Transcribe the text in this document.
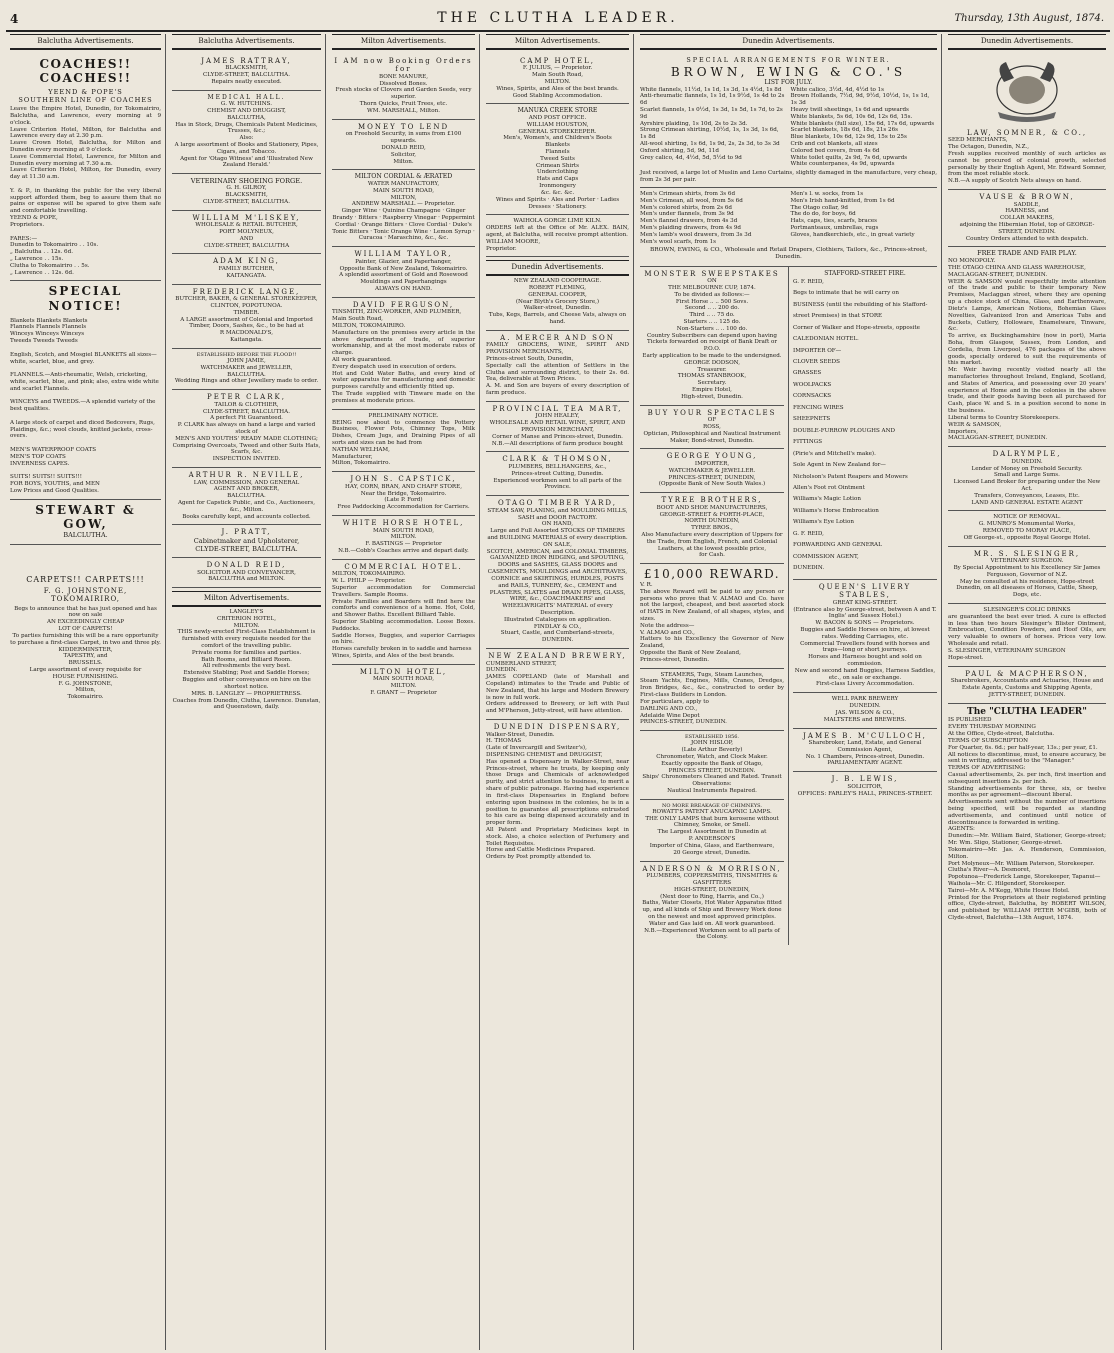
4	THE CLUTHA LEADER.	Thursday, 13th August, 1874.
Balclutha Advertisements.
COACHES!! COACHES!!
YEEND & POPE'S
SOUTHERN LINE OF COACHES
Leave the Empire Hotel, Dunedin, for Tokomairiro, Balclutha, and Lawrence, every morning at 9 o'clock.
Leave Criterion Hotel, Milton, for Balclutha and Lawrence every day at 2.30 p.m.
Leave Crown Hotel, Balclutha, for Milton and Dunedin every morning at 9 o'clock.
Leave Commercial Hotel, Lawrence, for Milton and Dunedin every morning at 7.30 a.m.
Leave Criterion Hotel, Milton, for Dunedin, every day at 11.30 a.m.

Y. & P., in thanking the public for the very liberal support afforded them, beg to assure them that no pains or expense will be spared to give them safe and comfortable travelling.
YEEND & POPE,
Proprietors.

FARES:—
Dunedin to Tokomairiro . . 10s.
„ Balclutha . . 12s. 6d.
„ Lawrence . . 15s.
Clutha to Tokomairiro . . 5s.
„ Lawrence . . 12s. 6d.
SPECIAL NOTICE!
Blankets Blankets Blankets
Flannels Flannels Flannels
Winceys Winceys Winceys
Tweeds Tweeds Tweeds

English, Scotch, and Mosgiel BLANKETS all sizes—white, scarlet, blue, and grey.

FLANNELS.—Anti-rheumatic, Welsh, cricketing, white, scarlet, blue, and pink; also, extra wide white and scarlet Flannels.

WINCEYS and TWEEDS.—A splendid variety of the best qualities.

A large stock of carpet and diced Bedcovers, Rugs, Plaidings, &c.; wool clouds, knitted jackets, cross-overs.

MEN'S WATERPROOF COATS
MEN'S TOP COATS
INVERNESS CAPES.

SUITS! SUITS!! SUITS!!!
FOR BOYS, YOUTHS, and MEN
Low Prices and Good Qualities.
STEWART & GOW,
BALCLUTHA.
CARPETS!! CARPETS!!!
F. G. JOHNSTONE,
TOKOMAIRIRO,
Begs to announce that he has just opened and has now on sale
AN EXCEEDINGLY CHEAP
LOT OF CARPETS!
To parties furnishing this will be a rare opportunity to purchase a first-class Carpet, in two and three ply.
KIDDERMINSTER,
TAPESTRY, and
BRUSSELS.
Large assortment of every requisite for
HOUSE FURNISHING.
F. G. JOHNSTONE,
Milton,
Tokomairiro.
Balclutha Advertisements.
JAMES RATTRAY,
BLACKSMITH,
CLYDE-STREET, BALCLUTHA.
Repairs neatly executed.
MEDICAL HALL.
G. W. HUTCHINS.
CHEMIST AND DRUGGIST,
BALCLUTHA,
Has in Stock, Drugs, Chemicals Patent Medicines, Trusses, &c.;
Also:
A large assortment of Books and Stationery, Pipes, Cigars, and Tobacco.
Agent for 'Otago Witness' and 'Illustrated New Zealand Herald.'
VETERINARY SHOEING FORGE.
G. H. GILROY,
BLACKSMITH,
CLYDE-STREET, BALCLUTHA.
WILLIAM M'LISKEY,
WHOLESALE & RETAIL BUTCHER,
PORT MOLYNEUX,
AND
CLYDE-STREET, BALCLUTHA
ADAM KING,
FAMILY BUTCHER,
KAITANGATA.
FREDERICK LANGE,
BUTCHER, BAKER, & GENERAL STOREKEEPER,
CLINTON, POPOTUNOA.
TIMBER.
A LARGE assortment of Colonial and Imported Timber, Doors, Sashes, &c., to be had at
R MACDONALD'S,
Kaitangata.
ESTABLISHED BEFORE THE FLOOD!!
JOHN JAMIE,
WATCHMAKER and JEWELLER,
BALCLUTHA.
Wedding Rings and other Jewellery made to order.
PETER CLARK,
TAILOR & CLOTHIER,
CLYDE-STREET, BALCLUTHA.
A perfect Fit Guaranteed.
P. CLARK has always on hand a large and varied stock of
MEN'S AND YOUTHS' READY MADE CLOTHING;
Comprising Overcoats, Tweed and other Suits Hats, Scarfs, &c.
INSPECTION INVITED.
ARTHUR R. NEVILLE,
LAW, COMMISSION, AND GENERAL
AGENT AND BROKER,
BALCLUTHA.
Agent for Capstick Public, and Co., Auctioneers, &c., Milton.
Books carefully kept, and accounts collected.
J. PRATT,
Cabinetmaker and Upholsterer,
CLYDE-STREET, BALCLUTHA.
DONALD REID,
SOLICITOR AND CONVEYANCER,
BALCLUTHA and MILTON.
Milton Advertisements.
LANGLEY'S
CRITERION HOTEL,
MILTON.
THIS newly-erected First-Class Establishment is furnished with every requisite needed for the comfort of the travelling public.
Private rooms for families and parties.
Bath Rooms, and Billiard Room.
All refreshments the very best.
Extensive Stabling; Post and Saddle Horses; Buggies and other conveyance on hire on the shortest notice.
MRS. B. LANGLEY — PROPRIETRESS.
Coaches from Dunedin, Clutha, Lawrence. Dunstan, and Queenstown, daily.
Milton Advertisements.
I AM now Booking Orders for
BONE MANURE,
Dissolved Bones.
Fresh stocks of Clovers and Garden Seeds, very superior.
Thorn Quicks, Fruit Trees, etc.
WM. MARSHALL, Milton.
MONEY TO LEND
on Freehold Security, in sums from £100 upwards.
DONALD REID,
Solicitor,
Milton.
MILTON CORDIAL & ÆRATED
WATER MANUFACTORY,
MAIN SOUTH ROAD,
MILTON,
ANDREW MARSHALL — Proprietor.
Ginger Wine · Quinine Champagne · Ginger Brandy · Bitters · Raspberry Vinegar · Peppermint Cordial · Orange Bitters · Clove Cordial · Duke's Tonic Bitters · Tonic Orange Wine · Lemon Syrup · Curacoa · Maraschino, &c., &c.
WILLIAM TAYLOR,
Painter, Glazier, and Paperhanger,
Opposite Bank of New Zealand, Tokomairiro.
A splendid assortment of Gold and Rosewood Mouldings and Paperhangings
ALWAYS ON HAND.
DAVID FERGUSON,
TINSMITH, ZINC-WORKER, AND PLUMBER,
Main South Road,
MILTON, TOKOMAIRIRO.
Manufacture on the premises every article in the above departments of trade, of superior workmanship, and at the most moderate rates of charge.
All work guaranteed.
Every despatch used in execution of orders.
Hot and Cold Water Baths, and every kind of water apparatus for manufacturing and domestic purposes carefully and efficiently fitted up.
The Trade supplied with Tinware made on the premises at moderate prices.
PRELIMINARY NOTICE.
BEING now about to commence the Pottery Business, Flower Pots, Chimney Tops, Milk Dishes, Cream Jugs, and Draining Pipes of all sorts and sizes can be had from
NATHAN WELHAM,
Manufacturer,
Milton, Tokomairiro.
JOHN S. CAPSTICK,
HAY, CORN, BRAN, AND CHAFF STORE,
Near the Bridge, Tokomairiro.
(Late P. Ford)
Free Paddocking Accommodation for Carriers.
WHITE HORSE HOTEL,
MAIN SOUTH ROAD,
MILTON.
F. BASTINGS — Proprietor
N.B.—Cobb's Coaches arrive and depart daily.
COMMERCIAL HOTEL.
MILTON, TOKOMAIRIRO.
W. L. PHILP — Proprietor.
Superior accommodation for Commercial Travellers. Sample Rooms.
Private Families and Boarders will find here the comforts and convenience of a home. Hot, Cold, and Shower Baths. Excellent Billiard Table.
Superior Stabling accommodation. Loose Boxes. Paddocks.
Saddle Horses, Buggies, and superior Carriages on hire.
Horses carefully broken in to saddle and harness
Wines, Spirits, and Ales of the best brands.
MILTON HOTEL,
MAIN SOUTH ROAD,
MILTON.
F. GRANT — Proprietor
Milton Advertisements.
CAMP HOTEL,
F. JULIUS, — Proprietor.
Main South Road,
MILTON.
Wines, Spirits, and Ales of the best brands.
Good Stabling Accommodation.
MANUKA CREEK STORE
AND POST OFFICE.
WILLIAM HOUSTON,
GENERAL STOREKEEPER.
Men's, Women's, and Children's Boots
Blankets
Flannels
Tweed Suits
Crimean Shirts
Underclothing
Hats and Caps
Ironmongery
&c. &c. &c.
Wines and Spirits · Ales and Porter · Ladies Dresses · Stationery.
WAIHOLA GORGE LIME KILN.
ORDERS left at the Office of Mr. ALEX. BAIN, agent, at Balclutha, will receive prompt attention.
WILLIAM MOORE,
Proprietor.
Dunedin Advertisements.
NEW ZEALAND COOPERAGE.
ROBERT FLEMING,
GENERAL COOPER,
(Near Blyth's Grocery Store,)
Walker-street, Dunedin.
Tubs, Kegs, Barrels, and Cheese Vats, always on hand.
A. MERCER AND SON
FAMILY GROCERS, WINE, SPIRIT AND PROVISION MERCHANTS,
Princes-street South, Dunedin,
Specially call the attention of Settlers in the Clutha and surrounding district, to their 2s. 6d. Tea, deliverable at Town Prices.
A. M. and Son are buyers of every description of farm produce.
PROVINCIAL TEA MART,
JOHN HEALEY,
WHOLESALE AND RETAIL WINE, SPIRIT, AND PROVISION MERCHANT,
Corner of Manse and Princes-street, Dunedin.
N.B.—All descriptions of farm produce bought
CLARK & THOMSON,
PLUMBERS, BELLHANGERS, &c.,
Princes-street Cutting, Dunedin.
Experienced workmen sent to all parts of the Province.
OTAGO TIMBER YARD,
STEAM SAW, PLANING, and MOULDING MILLS, SASH and DOOR FACTORY.
ON HAND,
Large and Full Assorted STOCKS OF TIMBERS and BUILDING MATERIALS of every description.
ON SALE,
SCOTCH, AMERICAN, and COLONIAL TIMBERS,
GALVANIZED IRON RIDGING, and SPOUTING, DOORS and SASHES, GLASS DOORS and CASEMENTS, MOULDINGS and ARCHITRAVES, CORNICE and SKIRTINGS, HURDLES, POSTS and RAILS, TURNERY, &c., CEMENT and PLASTERS, SLATES and DRAIN PIPES, GLASS, WIRE, &c., COACHMAKERS' and WHEELWRIGHTS' MATERIAL of every Description.
Illustrated Catalogues on application.
FINDLAY & CO.,
Stuart, Castle, and Cumberland-streets, DUNEDIN.
NEW ZEALAND BREWERY,
CUMBERLAND STREET,
DUNEDIN.
JAMES COPELAND (late of Marshall and Copeland) intimates to the Trade and Public of New Zealand, that his large and Modern Brewery is now in full work.
Orders addressed to Brewery, or left with Paul and M'Pherson, Jetty-street, will have attention.
DUNEDIN DISPENSARY,
Walker-Street, Dunedin.
H. THOMAS
(Late of Invercargill and Switzer's),
DISPENSING CHEMIST and DRUGGIST,
Has opened a Dispensary in Walker-Street, near Princes-street, where he trusts, by keeping only those Drugs and Chemicals of acknowledged purity, and strict attention to business, to merit a share of public patronage. Having had experience in first-class Dispensaries in England before entering upon business in the colonies, he is in a position to guarantee all prescriptions entrusted to his care as being dispensed accurately and in proper form.
All Patent and Proprietary Medicines kept in stock. Also, a choice selection of Perfumery and Toilet Requisites.
Horse and Cattle Medicines Prepared.
Orders by Post promptly attended to.
Dunedin Advertisements.
SPECIAL ARRANGEMENTS FOR WINTER.
BROWN, EWING & CO.'S
LIST FOR JULY.
White flannels, 11½d, 1s 1d, 1s 3d, 1s 4½d, 1s 8d
Anti-rheumatic flannels, 1s 1d, 1s 9½d, 1s 4d to 2s 6d
Scarlet flannels, 1s 0½d, 1s 3d, 1s 5d, 1s 7d, to 2s 9d
Ayrshire plaiding, 1s 10d, 2s to 2s 3d.
Strong Crimean shirting, 10½d, 1s, 1s 3d, 1s 6d, 1s 8d
All-wool shirting, 1s 6d, 1s 9d, 2s, 2s 3d, to 3s 3d
Oxford shirting, 5d, 9d, 11d
Grey calico, 4d, 4½d, 5d, 5½d to 9d
White calico, 3½d, 4d, 4½d to 1s
Brown Hollands, 7½d, 9d, 9½d, 10½d, 1s, 1s 1d, 1s 3d
Heavy twill sheetings, 1s 6d and upwards
White blankets, 5s 6d, 10s 6d, 12s 6d, 15s.
White blankets (full size), 15s 6d, 17s 6d, upwards
Scarlet blankets, 18s 6d, 18s, 21s 26s
Blue blankets, 10s 6d, 12s 9d, 15s to 25s
Crib and cot blankets, all sizes
Colored bed covers, from 4s 6d
White toilet quilts, 2s 9d, 7s 6d, upwards
White counterpanes, 4s 9d, upwards
Just received, a large lot of Muslin and Leno Curtains, slightly damaged in the manufacture, very cheap, from 2s 3d per pair.
Men's Crimean shirts, from 3s 6d
Men's Crimean, all wool, from 5s 6d
Men's colored shirts, from 2s 6d
Men's under flannels, from 3s 9d
Men's flannel drawers, from 4s 3d
Men's plaiding drawers, from 4s 9d
Men's lamb's wool drawers, from 3s 3d
Men's wool scarfs, from 1s
Men's l. w. socks, from 1s
Men's Irish hand-knitted, from 1s 6d
The Otago collar, 9d
The do do, for boys, 6d
Hats, caps, ties, scarfs, braces
Portmanteaux, umbrellas, rugs
Gloves, handkerchiefs, etc., in great variety
BROWN, EWING, & CO., Wholesale and Retail Drapers, Clothiers, Tailors, &c., Princes-street, Dunedin.
MONSTER SWEEPSTAKES
ON
THE MELBOURNE CUP, 1874.
To be divided as follows:—
First Horse .. .. 500 Sovs.
Second .. .. 200 do.
Third .. .. 75 do.
Starters .. .. 125 do.
Non-Starters .. .. 100 do.
Country Subscribers can depend upon having Tickets forwarded on receipt of Bank Draft or P.O.O.
Early application to be made to the undersigned.
GEORGE DODSON,
Treasurer.
THOMAS STANBROOK,
Secretary.
Empire Hotel,
High-street, Dunedin.
BUY YOUR SPECTACLES
OF
ROSS,
Optician, Philosophical and Nautical Instrument Maker, Bond-street, Dunedin.
GEORGE YOUNG,
IMPORTER,
WATCHMAKER & JEWELLER.
PRINCES-STREET, DUNEDIN,
(Opposite Bank of New South Wales.)
TYREE BROTHERS,
BOOT AND SHOE MANUFACTURERS,
GEORGE-STREET & FORTH-PLACE,
NORTH DUNEDIN,
TYREE BROS.,
Also Manufacture every description of Uppers for the Trade, from English, French, and Colonial Leathers, at the lowest possible price,
for Cash.
£10,000 REWARD.
V. R.
The above Reward will be paid to any person or persons who prove that V. ALMAO and Co. have not the largest, cheapest, and best assorted stock of HATS in New Zealand, of all shapes, styles, and sizes.
Note the address—
V. ALMAO and CO.,
Hatters to his Excellency the Governor of New Zealand,
Opposite the Bank of New Zealand,
Princes-street, Dunedin.
STEAMERS, Tugs, Steam Launches,
Steam Yachts, Engines, Mills, Cranes, Dredges, Iron Bridges, &c., &c., constructed to order by First-class Builders in London.
For particulars, apply to
DARLING AND CO.,
Adelaide Wine Depot
PRINCES-STREET, DUNEDIN.
ESTABLISHED 1856.
JOHN HISLOP,
(Late Arthur Beverly)
Chronometer, Watch, and Clock Maker.
Exactly opposite the Bank of Otago,
PRINCES STREET, DUNEDIN.
Ships' Chronometers Cleaned and Rated. Transit Observations:
Nautical Instruments Repaired.
NO MORE BREAKAGE OF CHIMNEYS.
ROWATT'S PATENT ANUCAPNIC LAMPS.
THE ONLY LAMPS that burn kerosene without Chimney, Smoke, or Smell.
The Largest Assortment in Dunedin at
P. ANDERSON'S
Importer of China, Glass, and Earthenware,
20 George street, Dunedin.
ANDERSON & MORRISON,
PLUMBERS, COPPERSMITHS, TINSMITHS & GASFITTERS
HIGH-STREET, DUNEDIN,
(Next door to Ring, Harris, and Co.,)
Baths, Water Closets, Hot Water Apparatus fitted up, and all kinds of Ship and Brewery Work done on the newest and most approved principles.
Water and Gas laid on. All work guaranteed.
N.B.—Experienced Workmen sent to all parts of the Colony.
STAFFORD-STREET FIRE.
G. F. REID,
Begs to intimate that he will carry on
BUSINESS (until the rebuilding of his Stafford-street Premises) in that STORE
Corner of Walker and Hope-streets, opposite
CALEDONIAN HOTEL.
IMPORTER OF—
CLOVER SEEDS
GRASSES
WOOLPACKS
CORNSACKS
FENCING WIRES
SHEEPNETS
DOUBLE-FURROW PLOUGHS AND
FITTINGS
(Pirie's and Mitchell's make).
Sole Agent in New Zealand for—
Nicholson's Patent Reapers and Mowers
Allen's Foot rot Ointment
Williams's Magic Lotion
Williams's Horse Embrocation
Williams's Eye Lotion
G. F. REID,
FORWARDING AND GENERAL
COMMISSION AGENT,
DUNEDIN.
QUEEN'S LIVERY STABLES,
GREAT KING-STREET.
(Entrance also by George-street, between A and T. Inglis' and Sussex Hotel.)
W. BACON & SONS — Proprietors.
Buggies and Saddle Horses on hire, at lowest rates. Wedding Carriages, etc.
Commercial Travellers found with horses and traps—long or short journeys.
Horses and Harness bought and sold on commission.
New and second hand Buggies, Harness Saddles, etc., on sale or exchange.
First-class Livery Accommodation.
WELL PARK BREWERY
DUNEDIN.
JAS. WILSON & CO.,
MALTSTERS and BREWERS.
JAMES B. M'CULLOCH,
Sharebroker, Land, Estate, and General Commission Agent,
No. 1 Chambers, Princes-street, Dunedin.
PARLIAMENTARY AGENT.
J. B. LEWIS,
SOLICITOR,
OFFICES: FARLEY'S HALL, PRINCES-STREET.
Dunedin Advertisements.
LAW, SOMNER, & CO.,
SEED MERCHANTS,
The Octagon, Dunedin, N.Z.,
Fresh supplies received monthly of such articles as cannot be procured of colonial growth, selected personally by their English Agent, Mr. Edward Somner, from the most reliable stock.
N.B.—A supply of Scotch Nets always on hand.
VAUSE & BROWN,
SADDLE,
HARNESS, and
COLLAR MAKERS,
adjoining the Hibernian Hotel, top of GEORGE-STREET, DUNEDIN.
Country Orders attended to with despatch.
FREE TRADE AND FAIR PLAY.
NO MONOPOLY.
THE OTAGO CHINA AND GLASS WAREHOUSE,
MACLAGGAN-STREET, DUNEDIN.
WEIR & SAMSON would respectfully invite attention of the trade and public to their temporary New Premises, Maclaggan street, where they are opening up a choice stock of China, Glass, and Earthenware, Dietz's Lamps, American Notions, Bohemian Glass Novelties, Galvanized Iron and Americas Tubs and Buckets, Cutlery, Holloware, Enamelware, Tinware, &c.
To arrive, ex Buckinghamshire (now in port), Maria Boha, from Glasgow, Sussex, from London, and Cordelia, from Liverpool, 476 packages of the above goods, specially ordered to suit the requirements of this market.
Mr. Weir having recently visited nearly all the manufactories throughout Ireland, England, Scotland, and States of America, and possessing over 20 years' experience at Home and in the colonies in the above trade, and their goods having been all purchased for Cash, place W. and S. in a position second to none in the business.
Liberal terms to Country Storekeepers.
WEIR & SAMSON,
Importers,
MACLAGGAN-STREET, DUNEDIN.
DALRYMPLE,
DUNEDIN.
Lender of Money on Freehold Security.
Small and Large Sums.
Licensed Land Broker for preparing under the New Act.
Transfers, Conveyances, Leases, Etc.
LAND AND GENERAL ESTATE AGENT
NOTICE OF REMOVAL.
G. MUNRO'S Monumental Works,
REMOVED TO MORAY PLACE,
Off George-st., opposite Royal George Hotel.
MR. S. SLESINGER,
VETERINARY SURGEON.
By Special Appointment to his Excellency Sir James Fergusson, Governor of N.Z.
May be consulted at his residence, Hope-street Dunedin, on all diseases of Horses, Cattle, Sheep, Dogs, etc.
SLESINGER'S COLIC DRINKS
are guaranteed the best ever tried. A cure is effected in less than two hours Slesinger's Blister Ointment, Embrocation, Condition Powders, and Hoof Oils, are very valuable to owners of horses. Prices very low. Wholesale and retail.
S. SLESINGER, VETERINARY SURGEON
Hope-street.
PAUL & MACPHERSON,
Sharebrokers, Accountants and Actuaries, House and Estate Agents, Customs and Shipping Agents,
JETTY-STREET, DUNEDIN.
The "CLUTHA LEADER"
IS PUBLISHED
EVERY THURSDAY MORNING
At the Office, Clyde-street, Balclutha.
TERMS OF SUBSCRIPTION
For Quarter, 6s. 6d.; per half-year, 13s.; per year, £1.
All notices to discontinue, must, to ensure accuracy, be sent in writing, addressed to the "Manager."
TERMS OF ADVERTISING:
Casual advertisements, 2s. per inch, first insertion and subsequent insertions 2s. per inch.
Standing advertisements for three, six, or twelve months as per agreement—discount liberal.
Advertisements sent without the number of insertions being specified, will be regarded as standing advertisements, and continued until notice of discontinuance is forwarded in writing.
AGENTS:
Dunedin:—Mr. William Baird, Stationer, George-street; Mr. Wm. Sligo, Stationer, George-street.
Tokomairiro—Mr. Jas. A. Henderson, Commission, Milton.
Port Molyneux—Mr. William Paterson, Storekeeper.
Clutha's River—A. Desmoret,
Popotunoa—Frederick Lange, Storekeeper, Tapanui—
Waihola—Mr. C. Hilgendorf, Storekeeper.
Tairei—Mr. A. M'Kegg, White House Hotel.
Printed for the Proprietors at their registered printing office, Clyde-street, Balclutha, by ROBERT WILSON, and published by WILLIAM PETER M'GIBB, both of Clyde-street, Balclutha—13th August, 1874.
